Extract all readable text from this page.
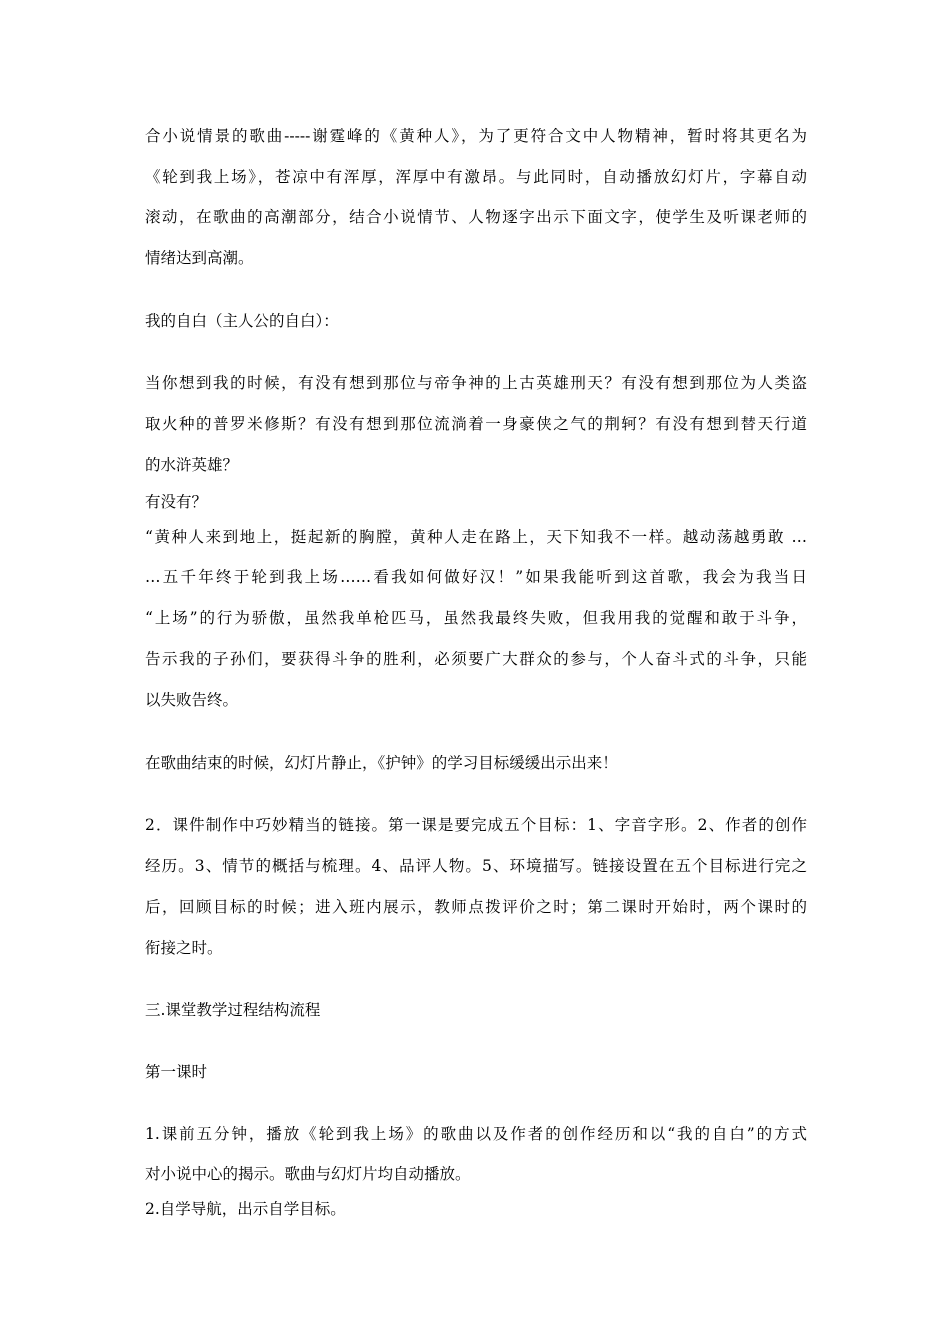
合小说情景的歌曲-----谢霆峰的《黄种人》，为了更符合文中人物精神，暂时将其更名为
《轮到我上场》，苍凉中有浑厚，浑厚中有激昂。与此同时，自动播放幻灯片，字幕自动
滚动，在歌曲的高潮部分，结合小说情节、人物逐字出示下面文字，使学生及听课老师的
情绪达到高潮。
我的自白（主人公的自白）：
当你想到我的时候，有没有想到那位与帝争神的上古英雄刑天？有没有想到那位为人类盗
取火种的普罗米修斯？有没有想到那位流淌着一身豪侠之气的荆轲？有没有想到替天行道
的水浒英雄？
有没有？
“黄种人来到地上，挺起新的胸膛，黄种人走在路上，天下知我不一样。越动荡越勇敢 …
…五千年终于轮到我上场……看我如何做好汉！”如果我能听到这首歌，我会为我当日
“上场”的行为骄傲，虽然我单枪匹马，虽然我最终失败，但我用我的觉醒和敢于斗争，
告示我的子孙们，要获得斗争的胜利，必须要广大群众的参与，个人奋斗式的斗争，只能
以失败告终。
在歌曲结束的时候，幻灯片静止，《护钟》的学习目标缓缓出示出来！
2．课件制作中巧妙精当的链接。第一课是要完成五个目标：1、字音字形。2、作者的创作
经历。3、情节的概括与梳理。4、品评人物。5、环境描写。链接设置在五个目标进行完之
后，回顾目标的时候；进入班内展示，教师点拨评价之时；第二课时开始时，两个课时的
衔接之时。
三.课堂教学过程结构流程
第一课时
1.课前五分钟，播放《轮到我上场》的歌曲以及作者的创作经历和以“我的自白”的方式
对小说中心的揭示。歌曲与幻灯片均自动播放。
2.自学导航，出示自学目标。
